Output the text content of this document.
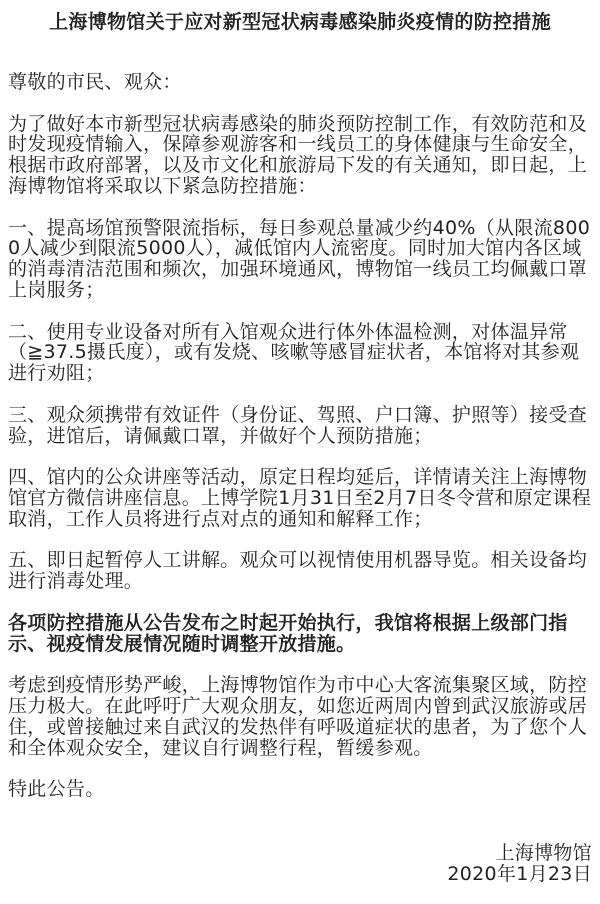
上海博物馆关于应对新型冠状病毒感染肺炎疫情的防控措施
尊敬的市民、观众：
为了做好本市新型冠状病毒感染的肺炎预防控制工作，有效防范和及
时发现疫情输入，保障参观游客和一线员工的身体健康与生命安全，
根据市政府部署，以及市文化和旅游局下发的有关通知，即日起，上
海博物馆将采取以下紧急防控措施：
一、提高场馆预警限流指标，每日参观总量减少约40%（从限流800
0人减少到限流5000人），减低馆内人流密度。同时加大馆内各区域
的消毒清洁范围和频次，加强环境通风，博物馆一线员工均佩戴口罩
上岗服务；
二、使用专业设备对所有入馆观众进行体外体温检测，对体温异常
（≧37.5摄氏度），或有发烧、咳嗽等感冒症状者，本馆将对其参观
进行劝阻；
三、观众须携带有效证件（身份证、驾照、户口簿、护照等）接受查
验，进馆后，请佩戴口罩，并做好个人预防措施；
四、馆内的公众讲座等活动，原定日程均延后，详情请关注上海博物
馆官方微信讲座信息。上博学院1月31日至2月7日冬令营和原定课程
取消，工作人员将进行点对点的通知和解释工作；
五、即日起暂停人工讲解。观众可以视情使用机器导览。相关设备均
进行消毒处理。
各项防控措施从公告发布之时起开始执行，我馆将根据上级部门指
示、视疫情发展情况随时调整开放措施。
考虑到疫情形势严峻，上海博物馆作为市中心大客流集聚区域，防控
压力极大。在此呼吁广大观众朋友，如您近两周内曾到武汉旅游或居
住，或曾接触过来自武汉的发热伴有呼吸道症状的患者，为了您个人
和全体观众安全，建议自行调整行程，暂缓参观。
特此公告。
上海博物馆
2020年1月23日
